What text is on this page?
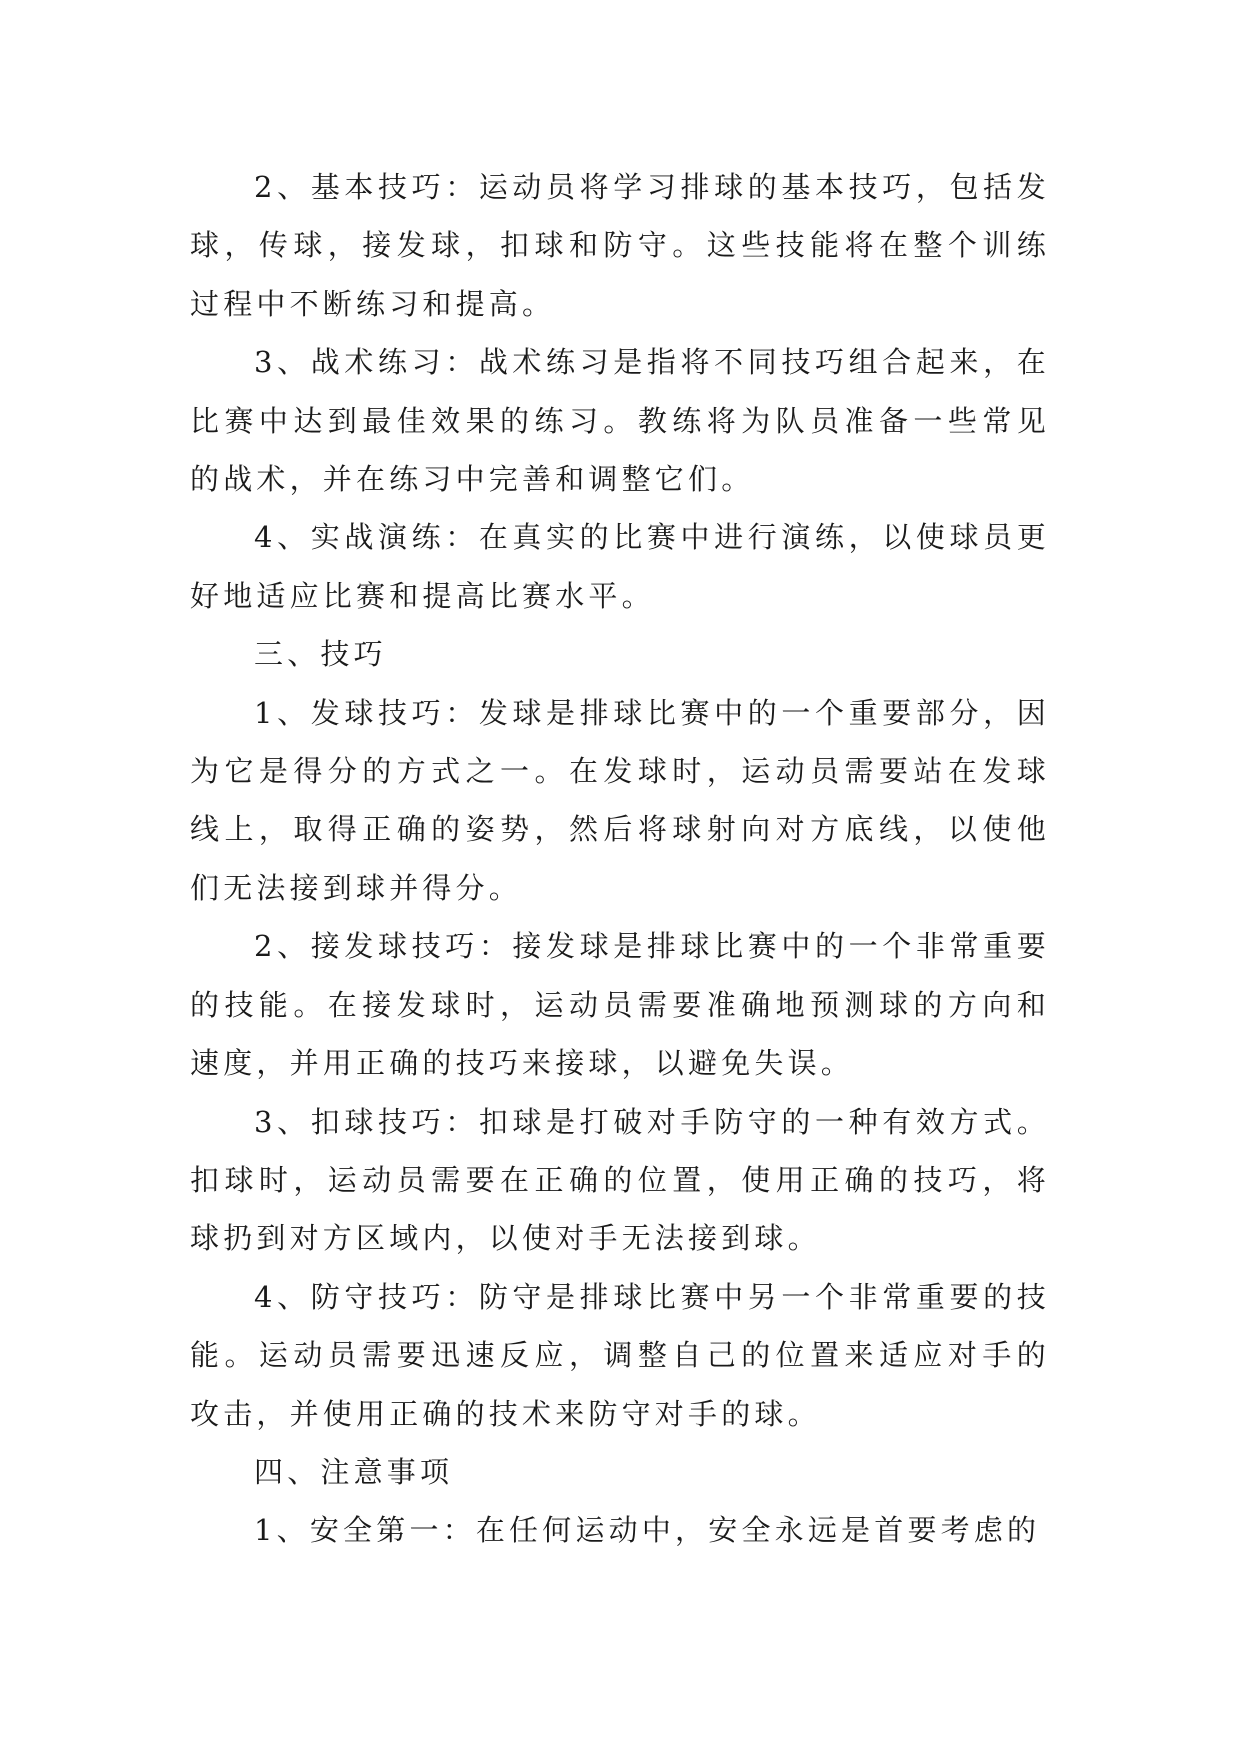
2、基本技巧：运动员将学习排球的基本技巧，包括发球，传球，接发球，扣球和防守。这些技能将在整个训练过程中不断练习和提高。

3、战术练习：战术练习是指将不同技巧组合起来，在比赛中达到最佳效果的练习。教练将为队员准备一些常见的战术，并在练习中完善和调整它们。

4、实战演练：在真实的比赛中进行演练，以使球员更好地适应比赛和提高比赛水平。

三、技巧

1、发球技巧：发球是排球比赛中的一个重要部分，因为它是得分的方式之一。在发球时，运动员需要站在发球线上，取得正确的姿势，然后将球射向对方底线，以使他们无法接到球并得分。

2、接发球技巧：接发球是排球比赛中的一个非常重要的技能。在接发球时，运动员需要准确地预测球的方向和速度，并用正确的技巧来接球，以避免失误。

3、扣球技巧：扣球是打破对手防守的一种有效方式。扣球时，运动员需要在正确的位置，使用正确的技巧，将球扔到对方区域内，以使对手无法接到球。

4、防守技巧：防守是排球比赛中另一个非常重要的技能。运动员需要迅速反应，调整自己的位置来适应对手的攻击，并使用正确的技术来防守对手的球。

四、注意事项

1、安全第一：在任何运动中，安全永远是首要考虑的
